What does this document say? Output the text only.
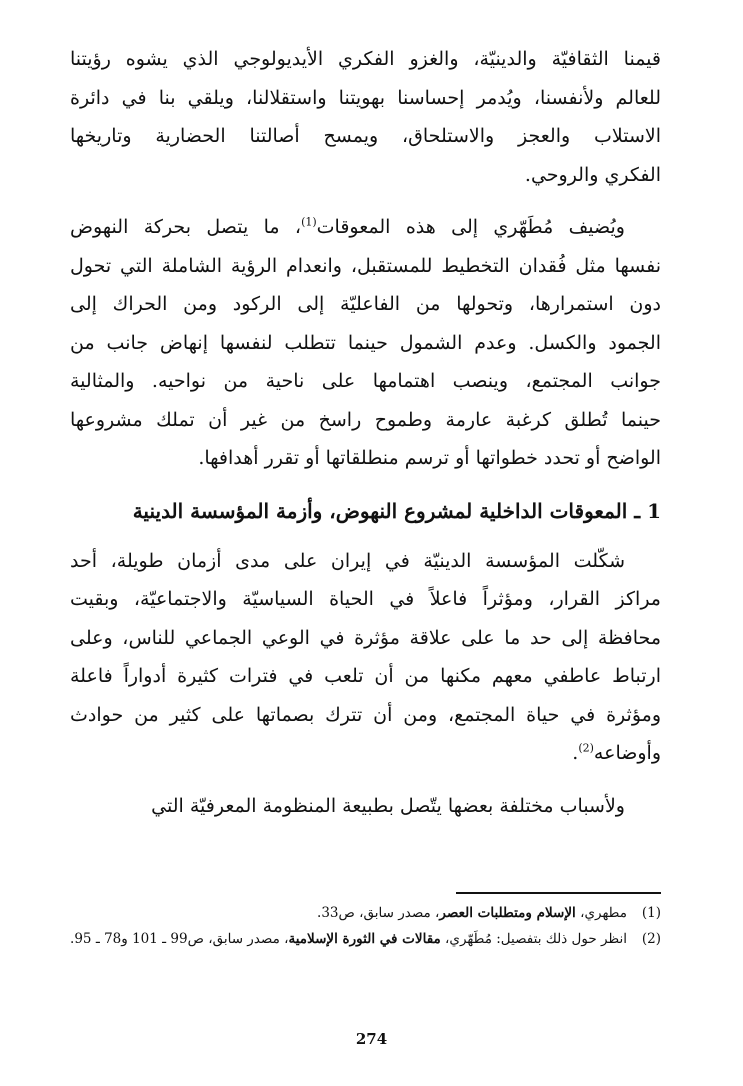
قيمنا الثقافيّة والدينيّة، والغزو الفكري الأيديولوجي الذي يشوه رؤيتنا
للعالم ولأنفسنا، ويُدمر إحساسنا بهويتنا واستقلالنا، ويلقي بنا في دائرة
الاستلاب والعجز والاستلحاق، ويمسح أصالتنا الحضارية وتاريخها
الفكري والروحي.

ويُضيف مُطَهّري إلى هذه المعوقات$^{(1)}$، ما يتصل بحركة النهوض
نفسها مثل فُقدان التخطيط للمستقبل، وانعدام الرؤية الشاملة التي تحول
دون استمرارها، وتحولها من الفاعليّة إلى الركود ومن الحراك إلى
الجمود والكسل. وعدم الشمول حينما تتطلب لنفسها إنهاض جانب من
جوانب المجتمع، وينصب اهتمامها على ناحية من نواحيه. والمثالية
حينما تُطلق كرغبة عارمة وطموح راسخ من غير أن تملك مشروعها
الواضح أو تحدد خطواتها أو ترسم منطلقاتها أو تقرر أهدافها.

1 ـ المعوقات الداخلية لمشروع النهوض، وأزمة المؤسسة الدينية

شكّلت المؤسسة الدينيّة في إيران على مدى أزمان طويلة، أحد
مراكز القرار، ومؤثراً فاعلاً في الحياة السياسيّة والاجتماعيّة، وبقيت
محافظة إلى حد ما على علاقة مؤثرة في الوعي الجماعي للناس، وعلى
ارتباط عاطفي معهم مكنها من أن تلعب في فترات كثيرة أدواراً فاعلة
ومؤثرة في حياة المجتمع، ومن أن تترك بصماتها على كثير من حوادث
وأوضاعه$^{(2)}$.

ولأسباب مختلفة بعضها يتّصل بطبيعة المنظومة المعرفيّة التي

(1)
مطهري، الإسلام ومتطلبات العصر، مصدر سابق، ص33.
(2)
انظر حول ذلك بتفصيل: مُطَهّري، مقالات في الثورة الإسلامية، مصدر سابق، ص99 ـ 101 و78 ـ 95.
274
